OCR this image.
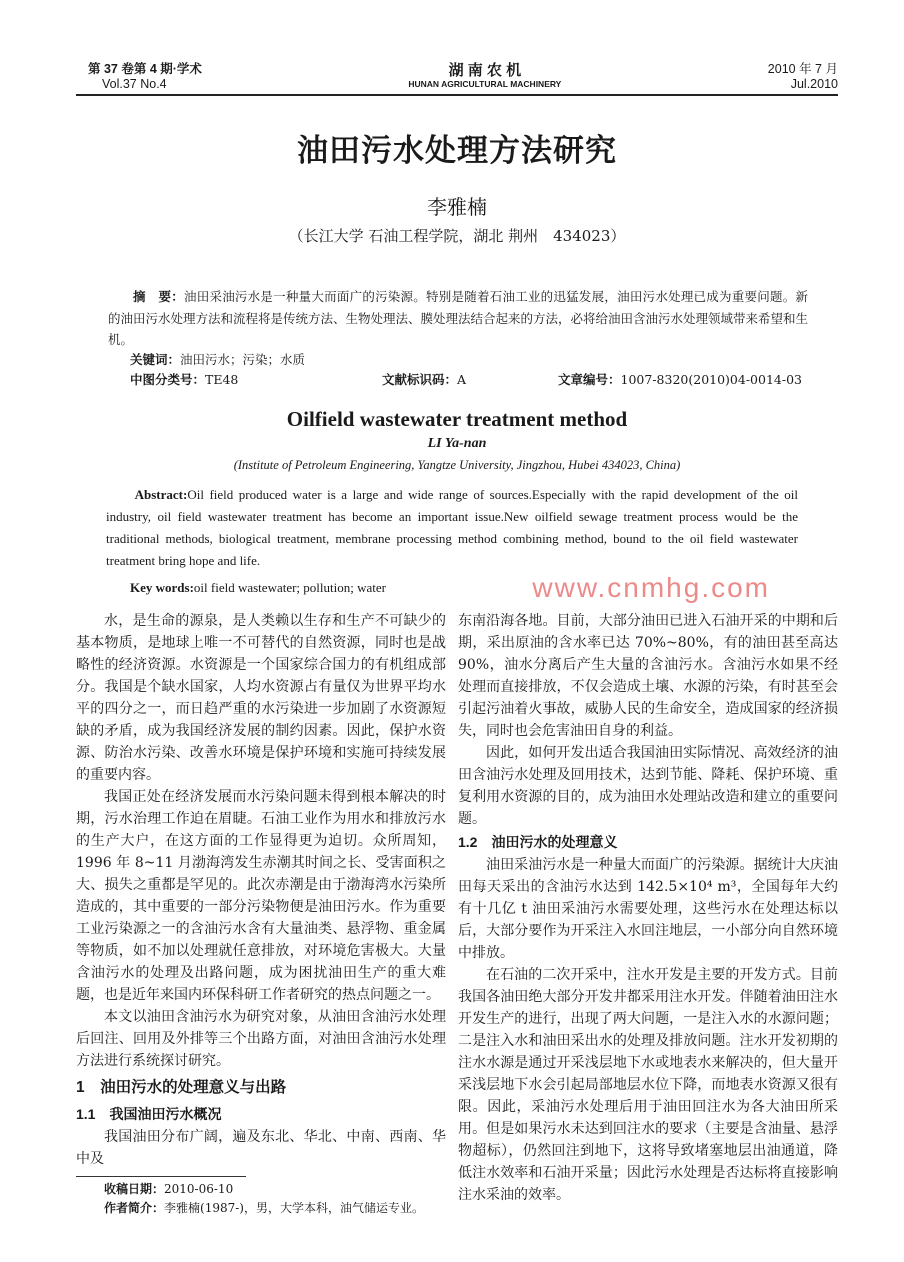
第 37 卷第 4 期·学术
Vol.37 No.4
湖 南 农 机
HUNAN AGRICULTURAL MACHINERY
2010 年 7 月
Jul.2010
油田污水处理方法研究
李雅楠
（长江大学 石油工程学院，湖北 荆州　434023）
摘　要：油田采油污水是一种量大而面广的污染源。特别是随着石油工业的迅猛发展，油田污水处理已成为重要问题。新的油田污水处理方法和流程将是传统方法、生物处理法、膜处理法结合起来的方法，必将给油田含油污水处理领域带来希望和生机。
关键词：油田污水；污染；水质
中图分类号：TE48	文献标识码：A	文章编号：1007-8320(2010)04-0014-03
Oilfield wastewater treatment method
LI Ya-nan
(Institute of Petroleum Engineering, Yangtze University, Jingzhou, Hubei 434023, China)
Abstract:Oil field produced water is a large and wide range of sources.Especially with the rapid development of the oil industry, oil field wastewater treatment has become an important issue.New oilfield sewage treatment process would be the traditional methods, biological treatment, membrane processing method combining method, bound to the oil field wastewater treatment bring hope and life.
Key words:oil field wastewater; pollution; water	www.cnmhg.com

水，是生命的源泉，是人类赖以生存和生产不可缺少的基本物质，是地球上唯一不可替代的自然资源，同时也是战略性的经济资源。水资源是一个国家综合国力的有机组成部分。我国是个缺水国家，人均水资源占有量仅为世界平均水平的四分之一，而日趋严重的水污染进一步加剧了水资源短缺的矛盾，成为我国经济发展的制约因素。因此，保护水资源、防治水污染、改善水环境是保护环境和实施可持续发展的重要内容。

我国正处在经济发展而水污染问题未得到根本解决的时期，污水治理工作迫在眉睫。石油工业作为用水和排放污水的生产大户，在这方面的工作显得更为迫切。众所周知，1996 年 8~11 月渤海湾发生赤潮其时间之长、受害面积之大、损失之重都是罕见的。此次赤潮是由于渤海湾水污染所造成的，其中重要的一部分污染物便是油田污水。作为重要工业污染源之一的含油污水含有大量油类、悬浮物、重金属等物质，如不加以处理就任意排放，对环境危害极大。大量含油污水的处理及出路问题，成为困扰油田生产的重大难题，也是近年来国内环保科研工作者研究的热点问题之一。

本文以油田含油污水为研究对象，从油田含油污水处理后回注、回用及外排等三个出路方面，对油田含油污水处理方法进行系统探讨研究。

1　油田污水的处理意义与出路
1.1　我国油田污水概况

我国油田分布广阔，遍及东北、华北、中南、西南、华中及

收稿日期：2010-06-10
作者简介：李雅楠(1987-)，男，大学本科，油气储运专业。

东南沿海各地。目前，大部分油田已进入石油开采的中期和后期，采出原油的含水率已达 70%~80%，有的油田甚至高达 90%，油水分离后产生大量的含油污水。含油污水如果不经处理而直接排放，不仅会造成土壤、水源的污染，有时甚至会引起污油着火事故，威胁人民的生命安全，造成国家的经济损失，同时也会危害油田自身的利益。

因此，如何开发出适合我国油田实际情况、高效经济的油田含油污水处理及回用技术，达到节能、降耗、保护环境、重复利用水资源的目的，成为油田水处理站改造和建立的重要问题。

1.2　油田污水的处理意义

油田采油污水是一种量大而面广的污染源。据统计大庆油田每天采出的含油污水达到 142.5×10⁴ m³，全国每年大约有十几亿 t 油田采油污水需要处理，这些污水在处理达标以后，大部分要作为开采注入水回注地层，一小部分向自然环境中排放。

在石油的二次开采中，注水开发是主要的开发方式。目前我国各油田绝大部分开发井都采用注水开发。伴随着油田注水开发生产的进行，出现了两大问题，一是注入水的水源问题；二是注入水和油田采出水的处理及排放问题。注水开发初期的注水水源是通过开采浅层地下水或地表水来解决的，但大量开采浅层地下水会引起局部地层水位下降，而地表水资源又很有限。因此，采油污水处理后用于油田回注水为各大油田所采用。但是如果污水未达到回注水的要求（主要是含油量、悬浮物超标），仍然回注到地下，这将导致堵塞地层出油通道，降低注水效率和石油开采量；因此污水处理是否达标将直接影响注水采油的效率。
